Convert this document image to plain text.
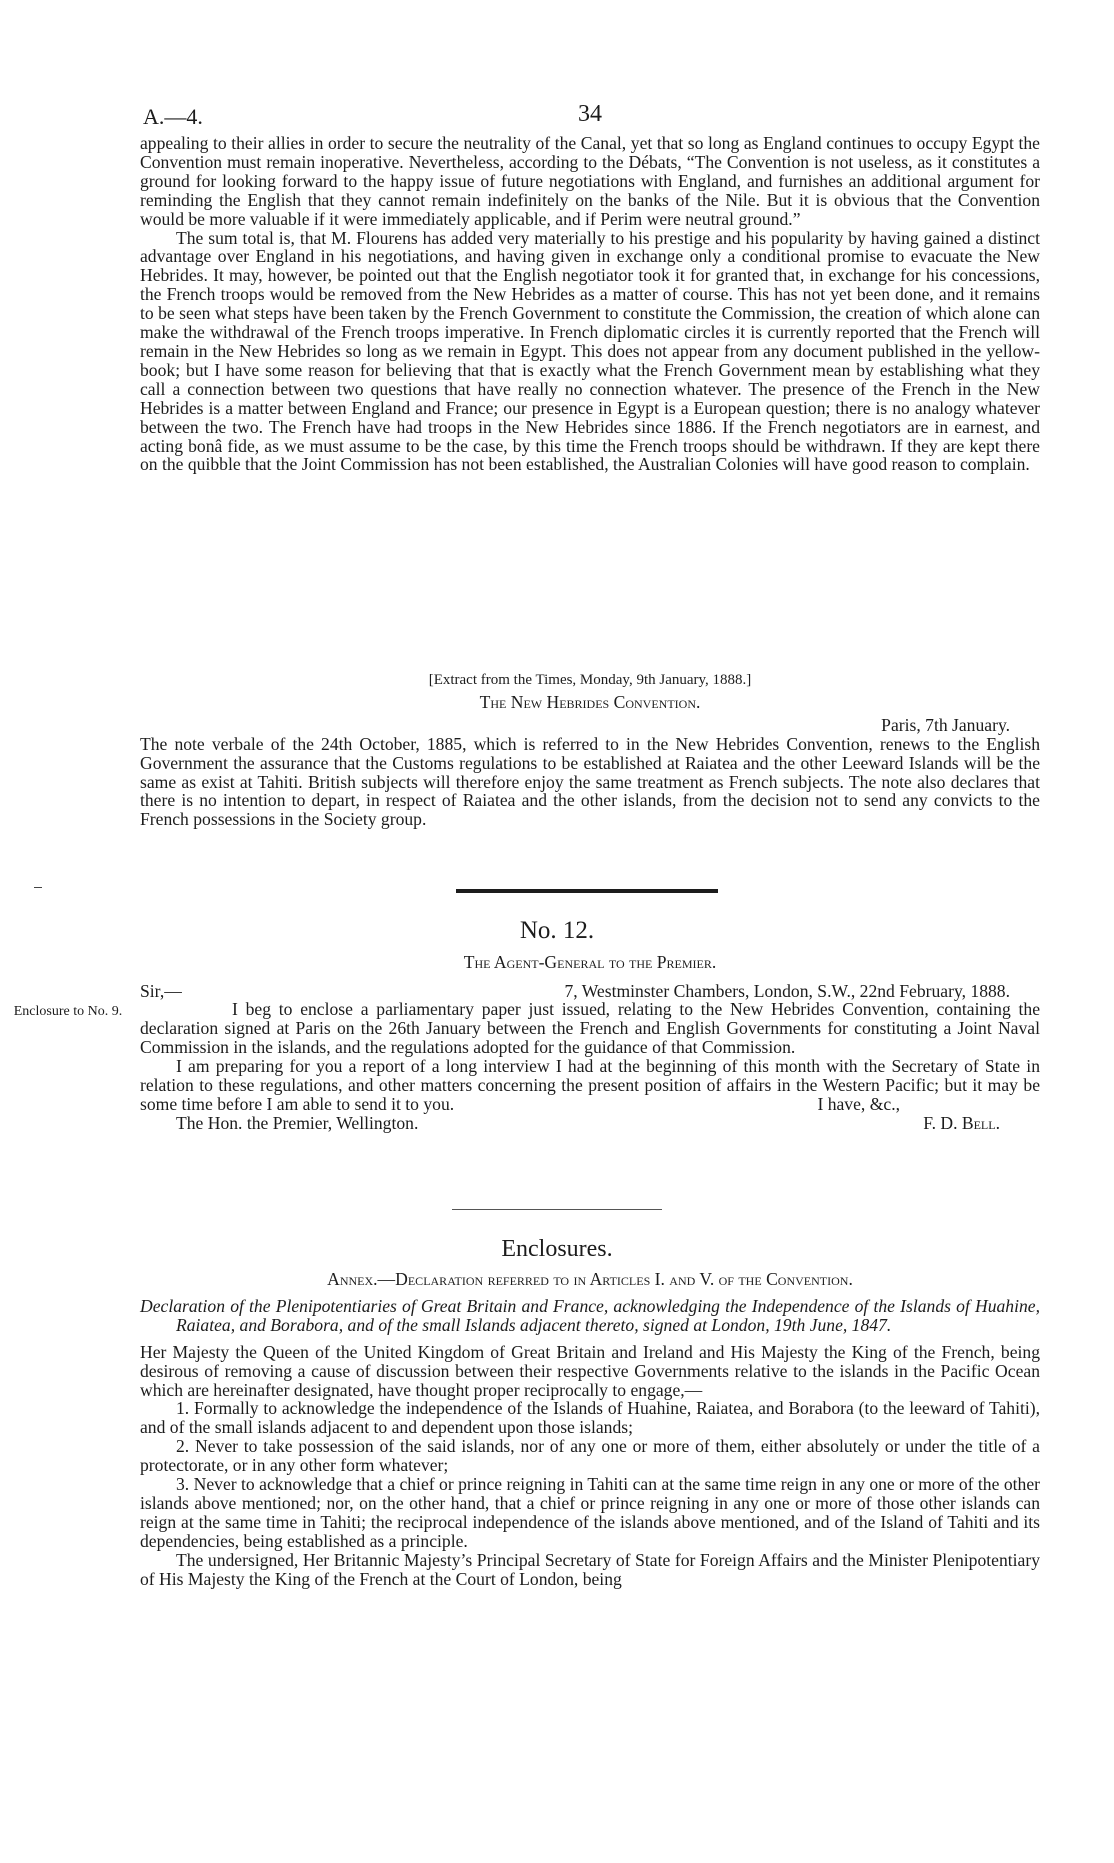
A.—4.	34

appealing to their allies in order to secure the neutrality of the Canal, yet that so long as England continues to occupy Egypt the Convention must remain inoperative. Nevertheless, according to the Débats, “The Convention is not useless, as it constitutes a ground for looking forward to the happy issue of future negotiations with England, and furnishes an additional argument for reminding the English that they cannot remain indefinitely on the banks of the Nile. But it is obvious that the Convention would be more valuable if it were immediately applicable, and if Perim were neutral ground.”

The sum total is, that M. Flourens has added very materially to his prestige and his popularity by having gained a distinct advantage over England in his negotiations, and having given in exchange only a conditional promise to evacuate the New Hebrides. It may, however, be pointed out that the English negotiator took it for granted that, in exchange for his concessions, the French troops would be removed from the New Hebrides as a matter of course. This has not yet been done, and it remains to be seen what steps have been taken by the French Government to constitute the Commission, the creation of which alone can make the withdrawal of the French troops imperative. In French diplomatic circles it is currently reported that the French will remain in the New Hebrides so long as we remain in Egypt. This does not appear from any document published in the yellow-book; but I have some reason for believing that that is exactly what the French Government mean by establishing what they call a connection between two questions that have really no connection whatever. The presence of the French in the New Hebrides is a matter between England and France; our presence in Egypt is a European question; there is no analogy whatever between the two. The French have had troops in the New Hebrides since 1886. If the French negotiators are in earnest, and acting bonâ fide, as we must assume to be the case, by this time the French troops should be withdrawn. If they are kept there on the quibble that the Joint Commission has not been established, the Australian Colonies will have good reason to complain.

[Extract from the Times, Monday, 9th January, 1888.]

The New Hebrides Convention.

Paris, 7th January.

The note verbale of the 24th October, 1885, which is referred to in the New Hebrides Convention, renews to the English Government the assurance that the Customs regulations to be established at Raiatea and the other Leeward Islands will be the same as exist at Tahiti. British subjects will therefore enjoy the same treatment as French subjects. The note also declares that there is no intention to depart, in respect of Raiatea and the other islands, from the decision not to send any convicts to the French possessions in the Society group.

No. 12.

The Agent-General to the Premier.

Enclosure to No. 9.
Sir,—	7, Westminster Chambers, London, S.W., 22nd February, 1888.

I beg to enclose a parliamentary paper just issued, relating to the New Hebrides Convention, containing the declaration signed at Paris on the 26th January between the French and English Governments for constituting a Joint Naval Commission in the islands, and the regulations adopted for the guidance of that Commission.

I am preparing for you a report of a long interview I had at the beginning of this month with the Secretary of State in relation to these regulations, and other matters concerning the present position of affairs in the Western Pacific; but it may be some time before I am able to send it to you.	I have, &c.,
The Hon. the Premier, Wellington.	F. D. Bell.
Enclosures.

Annex.—Declaration referred to in Articles I. and V. of the Convention.

Declaration of the Plenipotentiaries of Great Britain and France, acknowledging the Independence of the Islands of Huahine, Raiatea, and Borabora, and of the small Islands adjacent thereto, signed at London, 19th June, 1847.

Her Majesty the Queen of the United Kingdom of Great Britain and Ireland and His Majesty the King of the French, being desirous of removing a cause of discussion between their respective Governments relative to the islands in the Pacific Ocean which are hereinafter designated, have thought proper reciprocally to engage,—

1. Formally to acknowledge the independence of the Islands of Huahine, Raiatea, and Borabora (to the leeward of Tahiti), and of the small islands adjacent to and dependent upon those islands;

2. Never to take possession of the said islands, nor of any one or more of them, either absolutely or under the title of a protectorate, or in any other form whatever;

3. Never to acknowledge that a chief or prince reigning in Tahiti can at the same time reign in any one or more of the other islands above mentioned; nor, on the other hand, that a chief or prince reigning in any one or more of those other islands can reign at the same time in Tahiti; the reciprocal independence of the islands above mentioned, and of the Island of Tahiti and its dependencies, being established as a principle.

The undersigned, Her Britannic Majesty’s Principal Secretary of State for Foreign Affairs and the Minister Plenipotentiary of His Majesty the King of the French at the Court of London, being
